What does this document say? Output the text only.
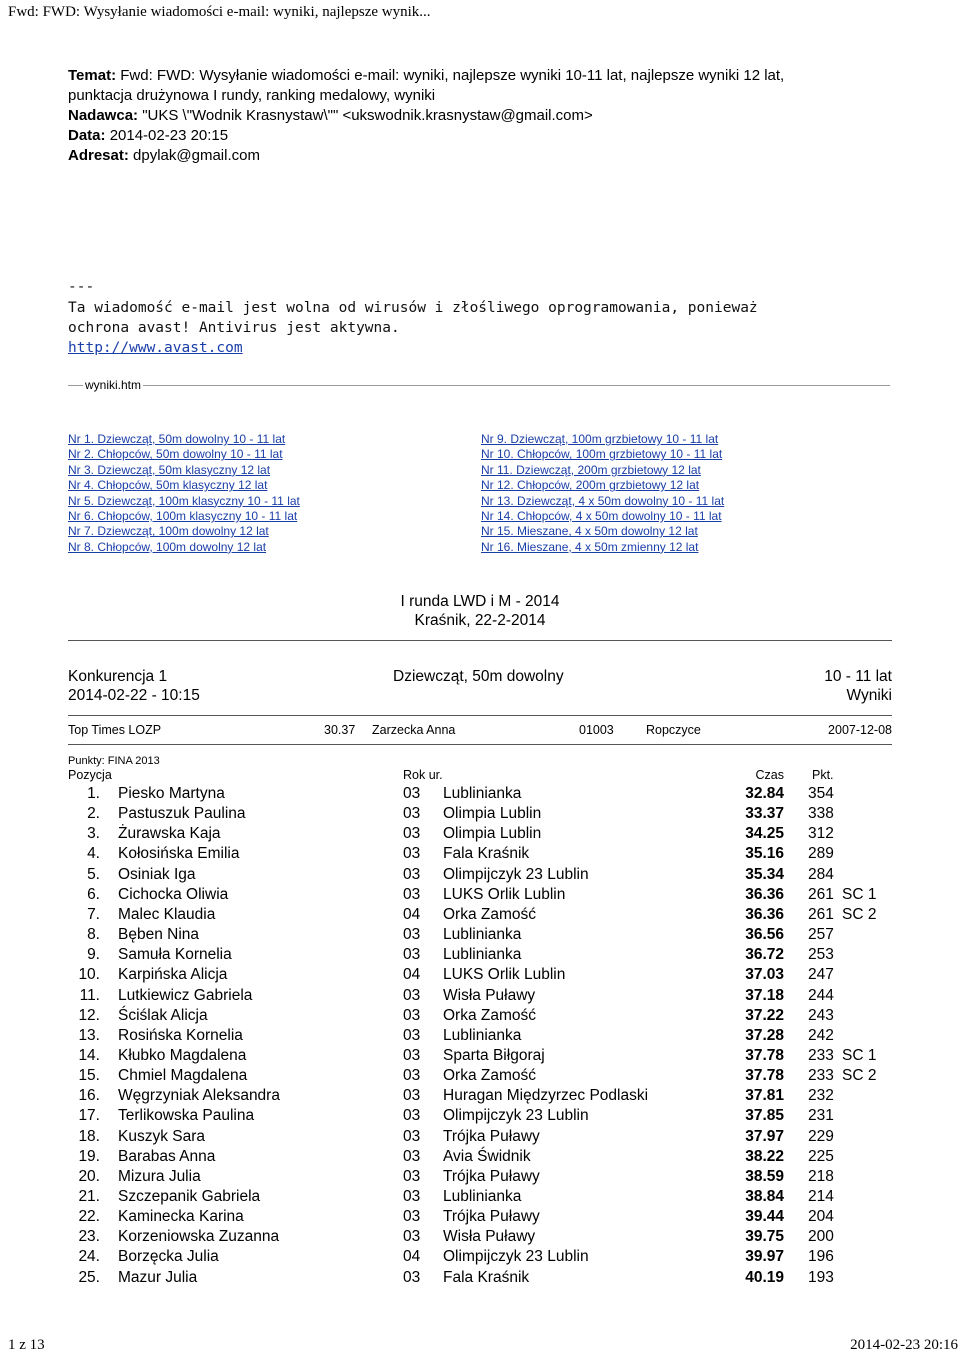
Fwd: FWD: Wysyłanie wiadomości e-mail: wyniki, najlepsze wynik...
Temat: Fwd: FWD: Wysyłanie wiadomości e-mail: wyniki, najlepsze wyniki 10-11 lat, najlepsze wyniki 12 lat,
punktacja drużynowa I rundy, ranking medalowy, wyniki
Nadawca: "UKS \"Wodnik Krasnystaw\"" <ukswodnik.krasnystaw@gmail.com>
Data: 2014-02-23 20:15
Adresat: dpylak@gmail.com
---
Ta wiadomość e-mail jest wolna od wirusów i złośliwego oprogramowania, ponieważ
ochrona avast! Antivirus jest aktywna.
http://www.avast.com
wyniki.htm
Nr 1. Dziewcząt, 50m dowolny 10 - 11 lat
Nr 2. Chłopców, 50m dowolny 10 - 11 lat
Nr 3. Dziewcząt, 50m klasyczny 12 lat
Nr 4. Chłopców, 50m klasyczny 12 lat
Nr 5. Dziewcząt, 100m klasyczny 10 - 11 lat
Nr 6. Chłopców, 100m klasyczny 10 - 11 lat
Nr 7. Dziewcząt, 100m dowolny 12 lat
Nr 8. Chłopców, 100m dowolny 12 lat
Nr 9. Dziewcząt, 100m grzbietowy 10 - 11 lat
Nr 10. Chłopców, 100m grzbietowy 10 - 11 lat
Nr 11. Dziewcząt, 200m grzbietowy 12 lat
Nr 12. Chłopców, 200m grzbietowy 12 lat
Nr 13. Dziewcząt, 4 x 50m dowolny 10 - 11 lat
Nr 14. Chłopców, 4 x 50m dowolny 10 - 11 lat
Nr 15. Mieszane, 4 x 50m dowolny 12 lat
Nr 16. Mieszane, 4 x 50m zmienny 12 lat
I runda LWD i M - 2014
Kraśnik, 22-2-2014
Konkurencja 1	Dziewcząt, 50m dowolny	10 - 11 lat
2014-02-22 - 10:15	Wyniki
Top Times LOZP	30.37 Zarzecka Anna	01003	Ropczyce	2007-12-08
Punkty: FINA 2013
Pozycja	Rok ur.	Czas Pkt.
1. Piesko Martyna	03 Lublinianka	32.84 354
2. Pastuszuk Paulina	03 Olimpia Lublin	33.37 338
3. Żurawska Kaja	03 Olimpia Lublin	34.25 312
4. Kołosińska Emilia	03 Fala Kraśnik	35.16 289
5. Osiniak Iga	03 Olimpijczyk 23 Lublin	35.34 284
6. Cichocka Oliwia	03 LUKS Orlik Lublin	36.36 261 SC 1
7. Malec Klaudia	04 Orka Zamość	36.36 261 SC 2
8. Bęben Nina	03 Lublinianka	36.56 257
9. Samuła Kornelia	03 Lublinianka	36.72 253
10. Karpińska Alicja	04 LUKS Orlik Lublin	37.03 247
11. Lutkiewicz Gabriela	03 Wisła Puławy	37.18 244
12. Ściślak Alicja	03 Orka Zamość	37.22 243
13. Rosińska Kornelia	03 Lublinianka	37.28 242
14. Kłubko Magdalena	03 Sparta Biłgoraj	37.78 233 SC 1
15. Chmiel Magdalena	03 Orka Zamość	37.78 233 SC 2
16. Węgrzyniak Aleksandra	03 Huragan Międzyrzec Podlaski	37.81 232
17. Terlikowska Paulina	03 Olimpijczyk 23 Lublin	37.85 231
18. Kuszyk Sara	03 Trójka Puławy	37.97 229
19. Barabas Anna	03 Avia Świdnik	38.22 225
20. Mizura Julia	03 Trójka Puławy	38.59 218
21. Szczepanik Gabriela	03 Lublinianka	38.84 214
22. Kaminecka Karina	03 Trójka Puławy	39.44 204
23. Korzeniowska Zuzanna	03 Wisła Puławy	39.75 200
24. Borzęcka Julia	04 Olimpijczyk 23 Lublin	39.97 196
25. Mazur Julia	03 Fala Kraśnik	40.19 193
1 z 13	2014-02-23 20:16
